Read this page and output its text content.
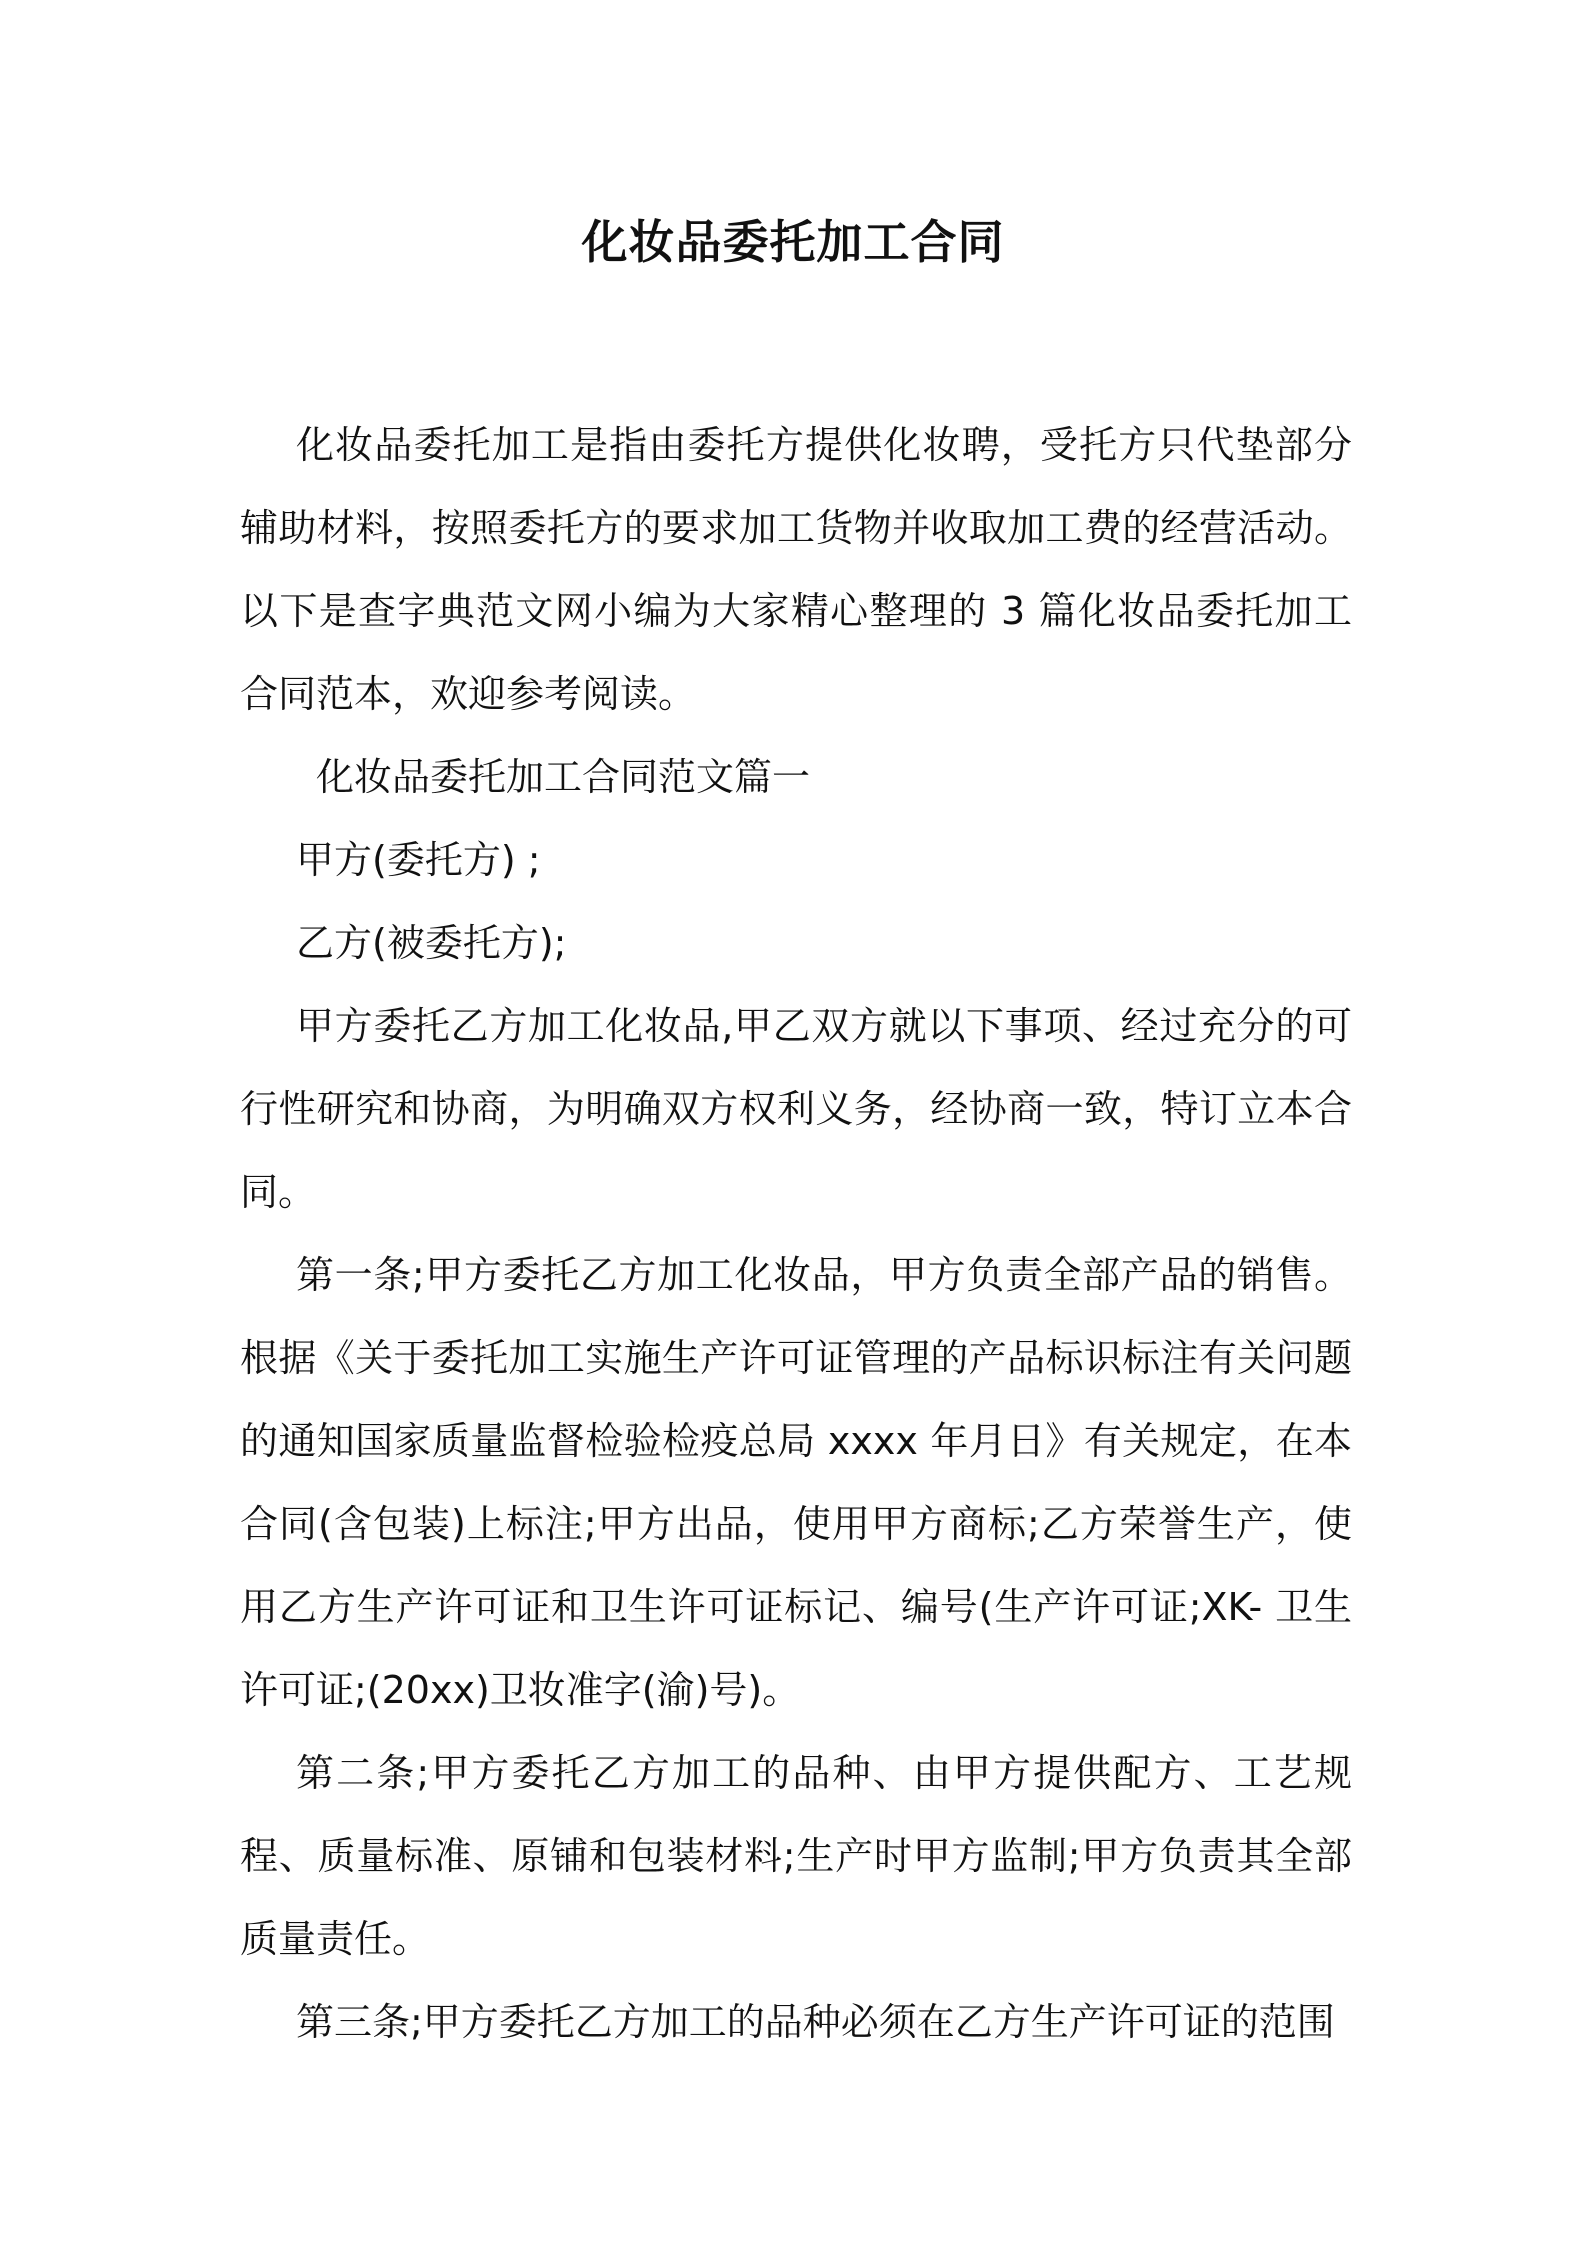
化妆品委托加工合同

化妆品委托加工是指由委托方提供化妆聘，受托方只代垫部分辅助材料，按照委托方的要求加工货物并收取加工费的经营活动。以下是查字典范文网小编为大家精心整理的 3 篇化妆品委托加工合同范本，欢迎参考阅读。

化妆品委托加工合同范文篇一

甲方(委托方) ;

乙方(被委托方);

甲方委托乙方加工化妆品,甲乙双方就以下事项、经过充分的可行性研究和协商，为明确双方权利义务，经协商一致，特订立本合同。

第一条;甲方委托乙方加工化妆品，甲方负责全部产品的销售。根据《关于委托加工实施生产许可证管理的产品标识标注有关问题的通知国家质量监督检验检疫总局 xxxx 年月日》有关规定，在本合同(含包装)上标注;甲方出品，使用甲方商标;乙方荣誉生产，使用乙方生产许可证和卫生许可证标记、编号(生产许可证;XK- 卫生许可证;(20xx)卫妆准字(渝)号)。

第二条;甲方委托乙方加工的品种、由甲方提供配方、工艺规程、质量标准、原铺和包装材料;生产时甲方监制;甲方负责其全部质量责任。

第三条;甲方委托乙方加工的品种必须在乙方生产许可证的范围
